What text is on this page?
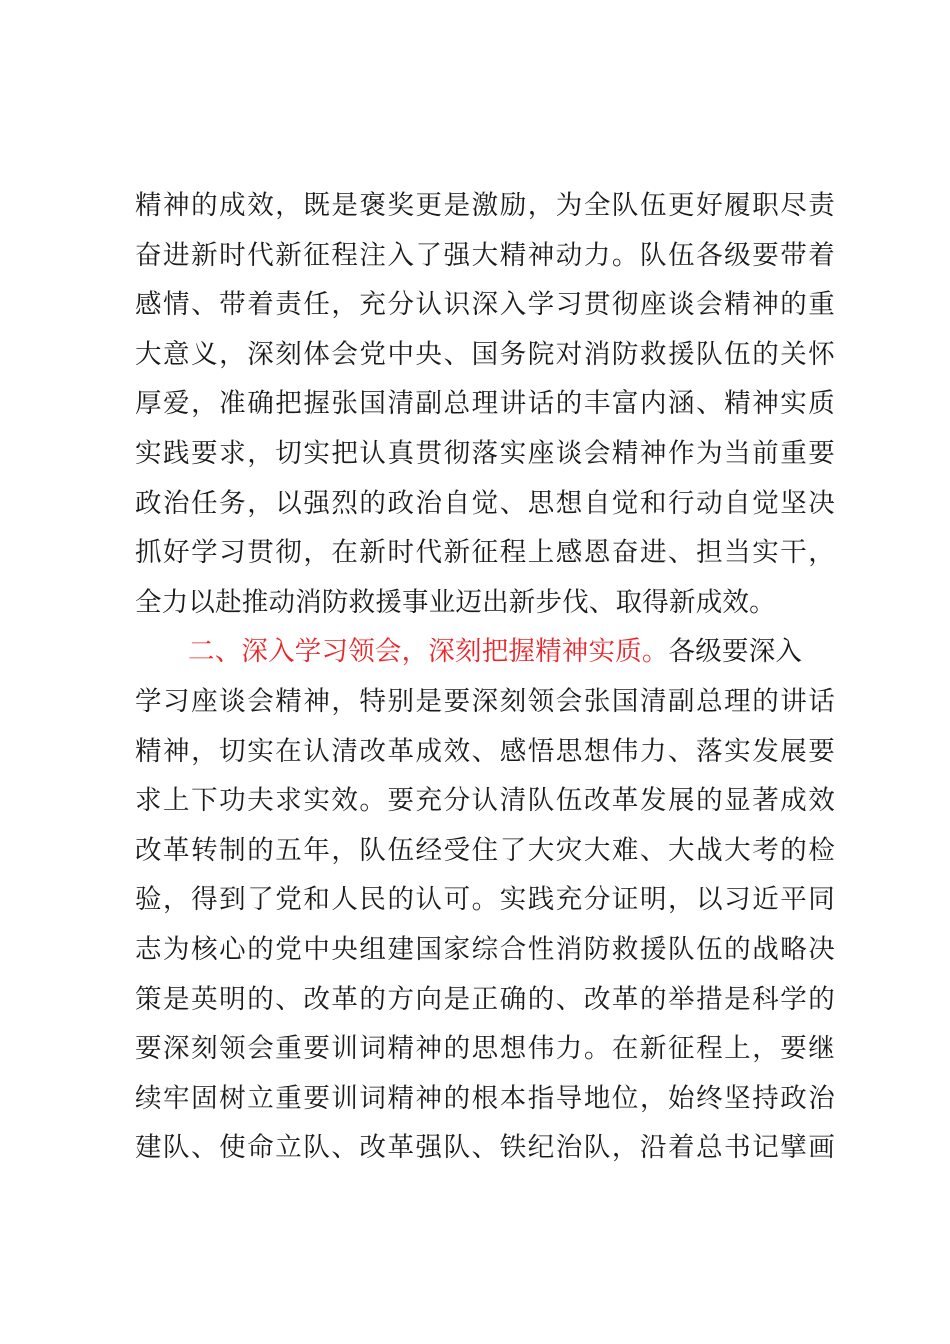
精神的成效，既是褒奖更是激励，为全队伍更好履职尽责
奋进新时代新征程注入了强大精神动力。队伍各级要带着
感情、带着责任，充分认识深入学习贯彻座谈会精神的重
大意义，深刻体会党中央、国务院对消防救援队伍的关怀
厚爱，准确把握张国清副总理讲话的丰富内涵、精神实质
实践要求，切实把认真贯彻落实座谈会精神作为当前重要
政治任务，以强烈的政治自觉、思想自觉和行动自觉坚决
抓好学习贯彻，在新时代新征程上感恩奋进、担当实干，
全力以赴推动消防救援事业迈出新步伐、取得新成效。
二、深入学习领会，深刻把握精神实质。各级要深入
学习座谈会精神，特别是要深刻领会张国清副总理的讲话
精神，切实在认清改革成效、感悟思想伟力、落实发展要
求上下功夫求实效。要充分认清队伍改革发展的显著成效
改革转制的五年，队伍经受住了大灾大难、大战大考的检
验，得到了党和人民的认可。实践充分证明，以习近平同
志为核心的党中央组建国家综合性消防救援队伍的战略决
策是英明的、改革的方向是正确的、改革的举措是科学的
要深刻领会重要训词精神的思想伟力。在新征程上，要继
续牢固树立重要训词精神的根本指导地位，始终坚持政治
建队、使命立队、改革强队、铁纪治队，沿着总书记擘画
